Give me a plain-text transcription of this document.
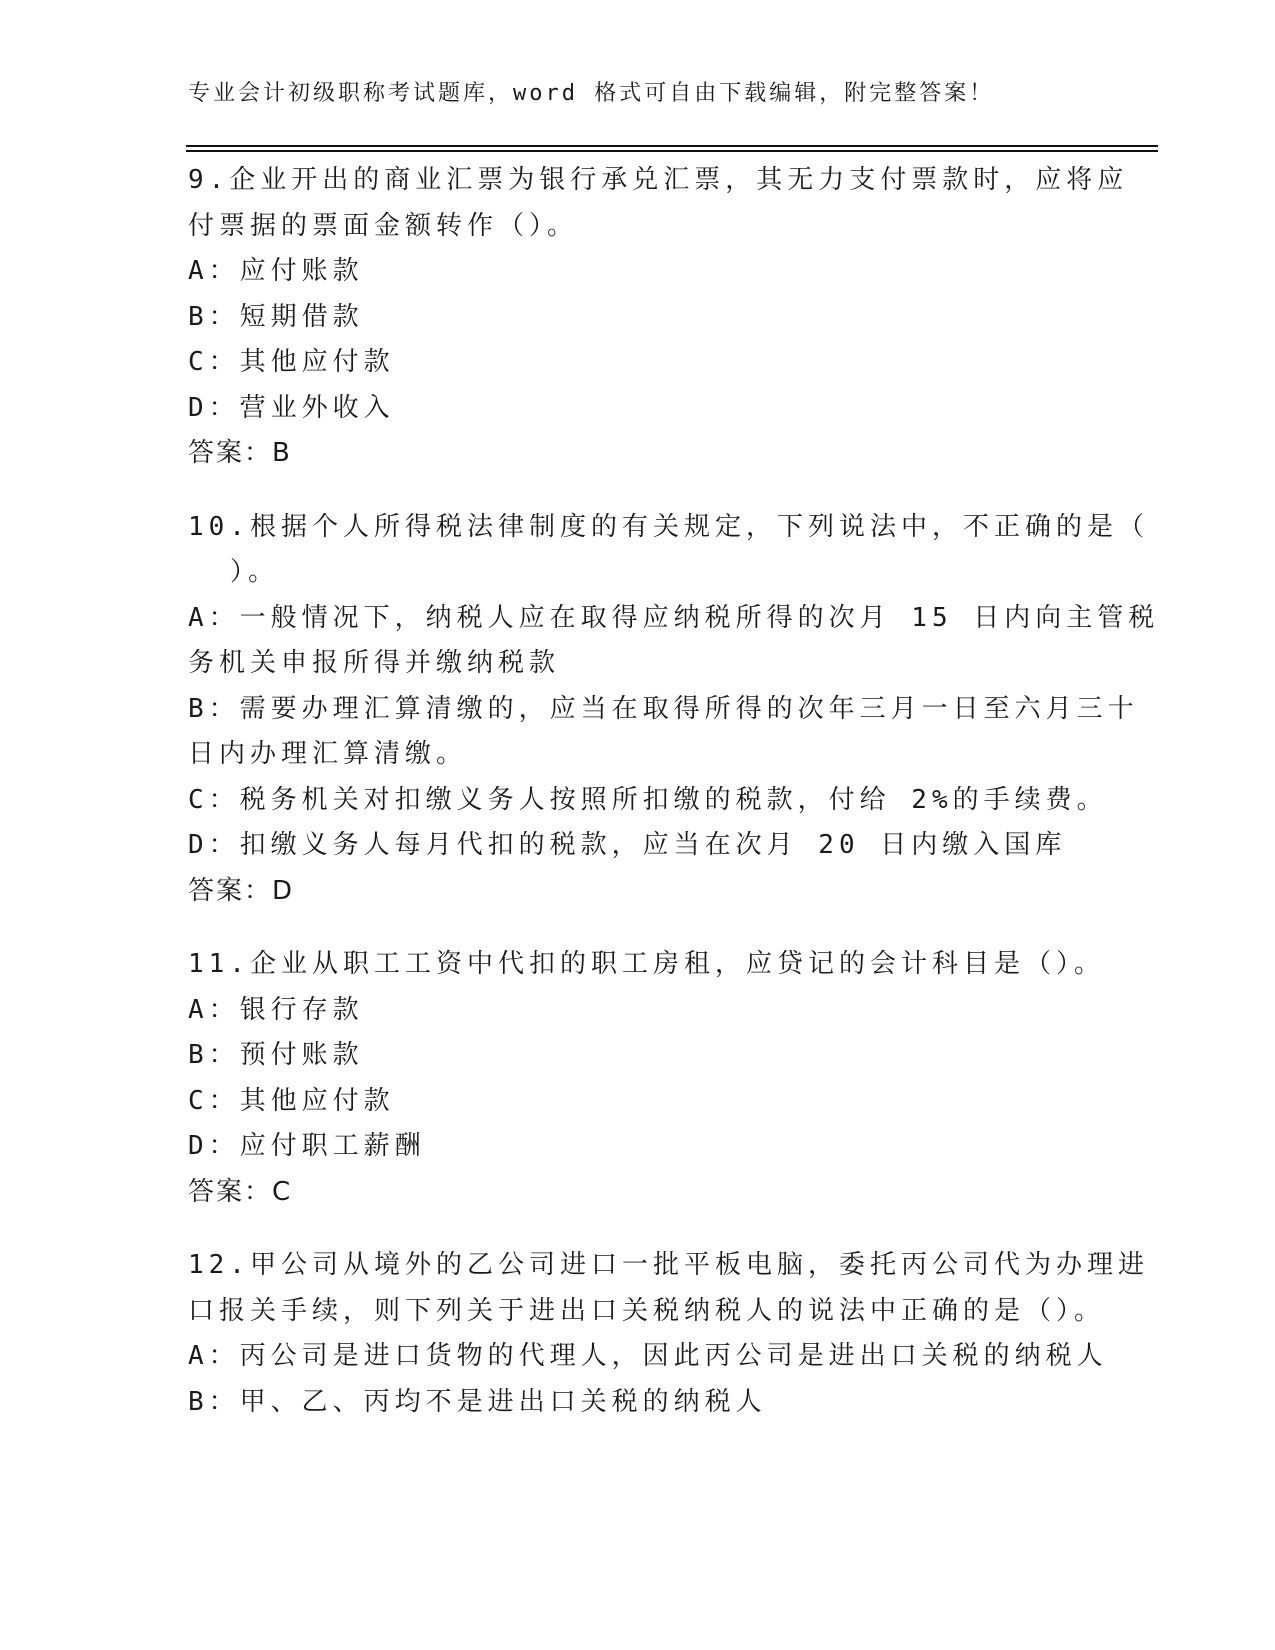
专业会计初级职称考试题库，word 格式可自由下载编辑，附完整答案！
9.企业开出的商业汇票为银行承兑汇票，其无力支付票款时，应将应
付票据的票面金额转作（）。
A：应付账款
B：短期借款
C：其他应付款
D：营业外收入
答案：B
10.根据个人所得税法律制度的有关规定，下列说法中，不正确的是（
）。
A：一般情况下，纳税人应在取得应纳税所得的次月 15 日内向主管税
务机关申报所得并缴纳税款
B：需要办理汇算清缴的，应当在取得所得的次年三月一日至六月三十
日内办理汇算清缴。
C：税务机关对扣缴义务人按照所扣缴的税款，付给 2%的手续费。
D：扣缴义务人每月代扣的税款，应当在次月 20 日内缴入国库
答案：D
11.企业从职工工资中代扣的职工房租，应贷记的会计科目是（）。
A：银行存款
B：预付账款
C：其他应付款
D：应付职工薪酬
答案：C
12.甲公司从境外的乙公司进口一批平板电脑，委托丙公司代为办理进
口报关手续，则下列关于进出口关税纳税人的说法中正确的是（）。
A：丙公司是进口货物的代理人，因此丙公司是进出口关税的纳税人
B：甲、乙、丙均不是进出口关税的纳税人
